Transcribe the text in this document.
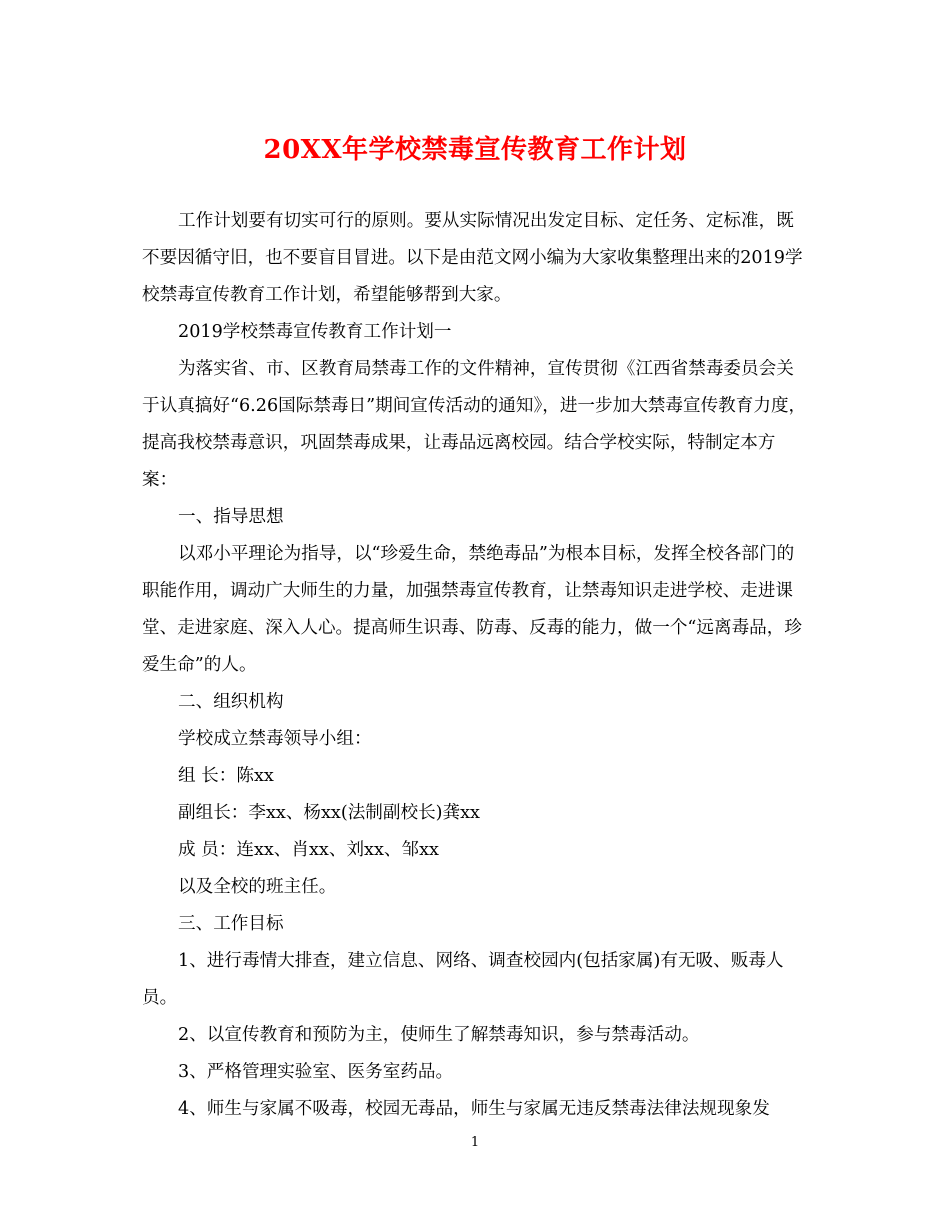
20XX年学校禁毒宣传教育工作计划

工作计划要有切实可行的原则。要从实际情况出发定目标、定任务、定标准，既不要因循守旧，也不要盲目冒进。以下是由范文网小编为大家收集整理出来的2019学校禁毒宣传教育工作计划，希望能够帮到大家。

2019学校禁毒宣传教育工作计划一

为落实省、市、区教育局禁毒工作的文件精神，宣传贯彻《江西省禁毒委员会关于认真搞好“6.26国际禁毒日”期间宣传活动的通知》，进一步加大禁毒宣传教育力度，提高我校禁毒意识，巩固禁毒成果，让毒品远离校园。结合学校实际，特制定本方案：

一、指导思想

以邓小平理论为指导，以“珍爱生命，禁绝毒品”为根本目标，发挥全校各部门的职能作用，调动广大师生的力量，加强禁毒宣传教育，让禁毒知识走进学校、走进课堂、走进家庭、深入人心。提高师生识毒、防毒、反毒的能力，做一个“远离毒品，珍爱生命”的人。

二、组织机构

学校成立禁毒领导小组：

组 长：陈xx

副组长：李xx、杨xx(法制副校长)龚xx

成 员：连xx、肖xx、刘xx、邹xx

以及全校的班主任。

三、工作目标

1、进行毒情大排查，建立信息、网络、调查校园内(包括家属)有无吸、贩毒人员。

2、以宣传教育和预防为主，使师生了解禁毒知识，参与禁毒活动。

3、严格管理实验室、医务室药品。

4、师生与家属不吸毒，校园无毒品，师生与家属无违反禁毒法律法规现象发

1
